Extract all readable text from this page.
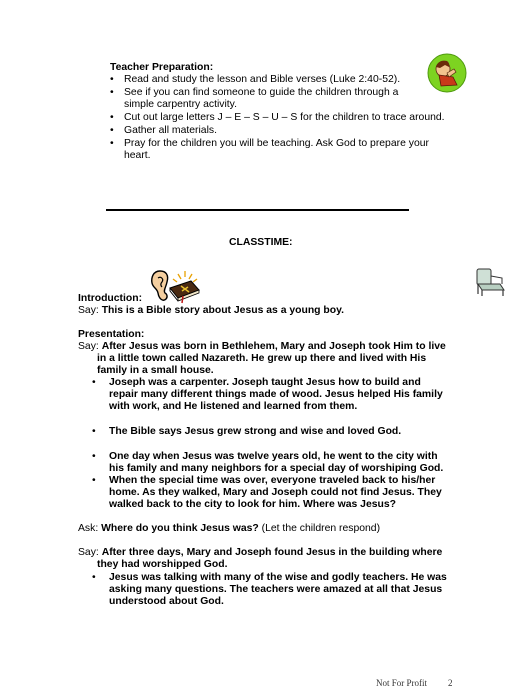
Teacher Preparation:
• Read and study the lesson and Bible verses (Luke 2:40-52).
• See if you can find someone to guide the children through a
simple carpentry activity.
• Cut out large letters J – E – S – U – S for the children to trace around.
• Gather all materials.
• Pray for the children you will be teaching. Ask God to prepare your
heart.
CLASSTIME:
Introduction:
Say: This is a Bible story about Jesus as a young boy.
Presentation:
Say: After Jesus was born in Bethlehem, Mary and Joseph took Him to live
in a little town called Nazareth. He grew up there and lived with His
family in a small house.
• Joseph was a carpenter. Joseph taught Jesus how to build and
repair many different things made of wood. Jesus helped His family
with work, and He listened and learned from them.
• The Bible says Jesus grew strong and wise and loved God.
• One day when Jesus was twelve years old, he went to the city with
his family and many neighbors for a special day of worshiping God.
• When the special time was over, everyone traveled back to his/her
home. As they walked, Mary and Joseph could not find Jesus. They
walked back to the city to look for him. Where was Jesus?
Ask: Where do you think Jesus was? (Let the children respond)
Say: After three days, Mary and Joseph found Jesus in the building where
they had worshipped God.
• Jesus was talking with many of the wise and godly teachers. He was
asking many questions. The teachers were amazed at all that Jesus
understood about God.
Not For Profit 2
